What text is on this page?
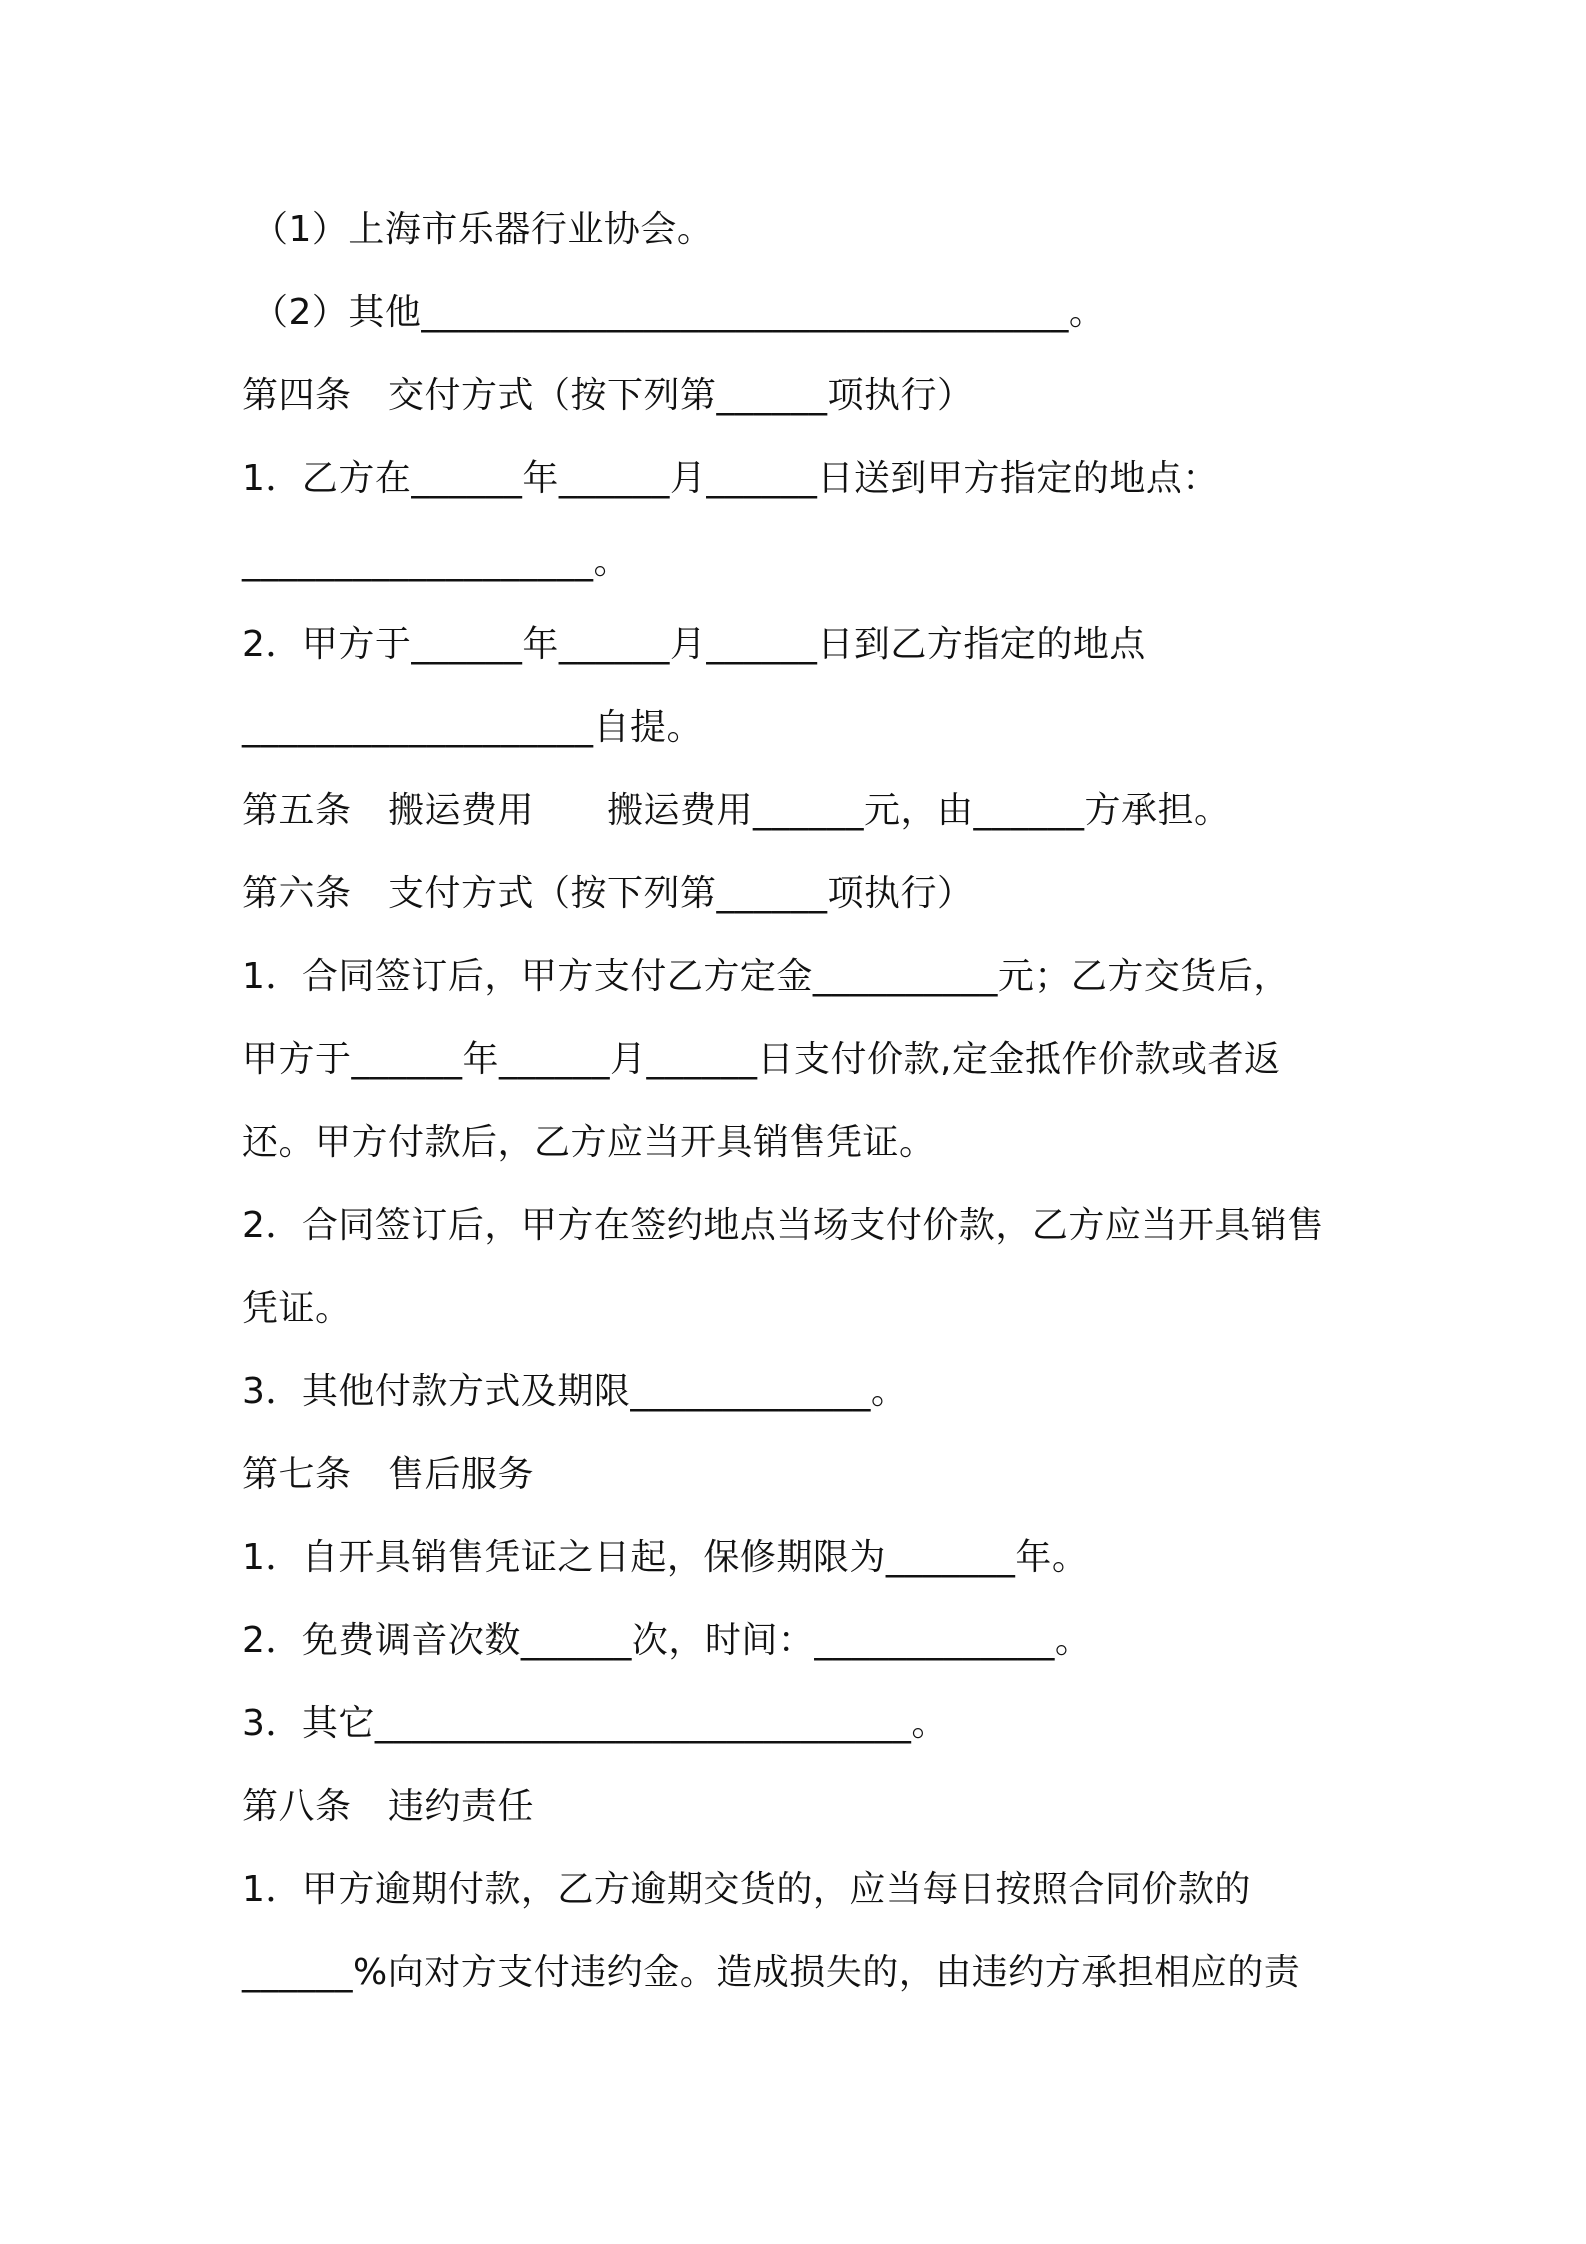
（1）上海市乐器行业协会。
（2）其他___________________________________。
第四条　交付方式（按下列第______项执行）
1．乙方在______年______月______日送到甲方指定的地点：
___________________。
2．甲方于______年______月______日到乙方指定的地点
___________________自提。
第五条　搬运费用　　搬运费用______元，由______方承担。
第六条　支付方式（按下列第______项执行）
1．合同签订后，甲方支付乙方定金__________元；乙方交货后，
甲方于______年______月______日支付价款,定金抵作价款或者返
还。甲方付款后，乙方应当开具销售凭证。
2．合同签订后，甲方在签约地点当场支付价款，乙方应当开具销售
凭证。
3．其他付款方式及期限_____________。
第七条　售后服务
1．自开具销售凭证之日起，保修期限为_______年。
2．免费调音次数______次，时间：_____________。
3．其它_____________________________。
第八条　违约责任
1．甲方逾期付款，乙方逾期交货的，应当每日按照合同价款的
______%向对方支付违约金。造成损失的，由违约方承担相应的责
